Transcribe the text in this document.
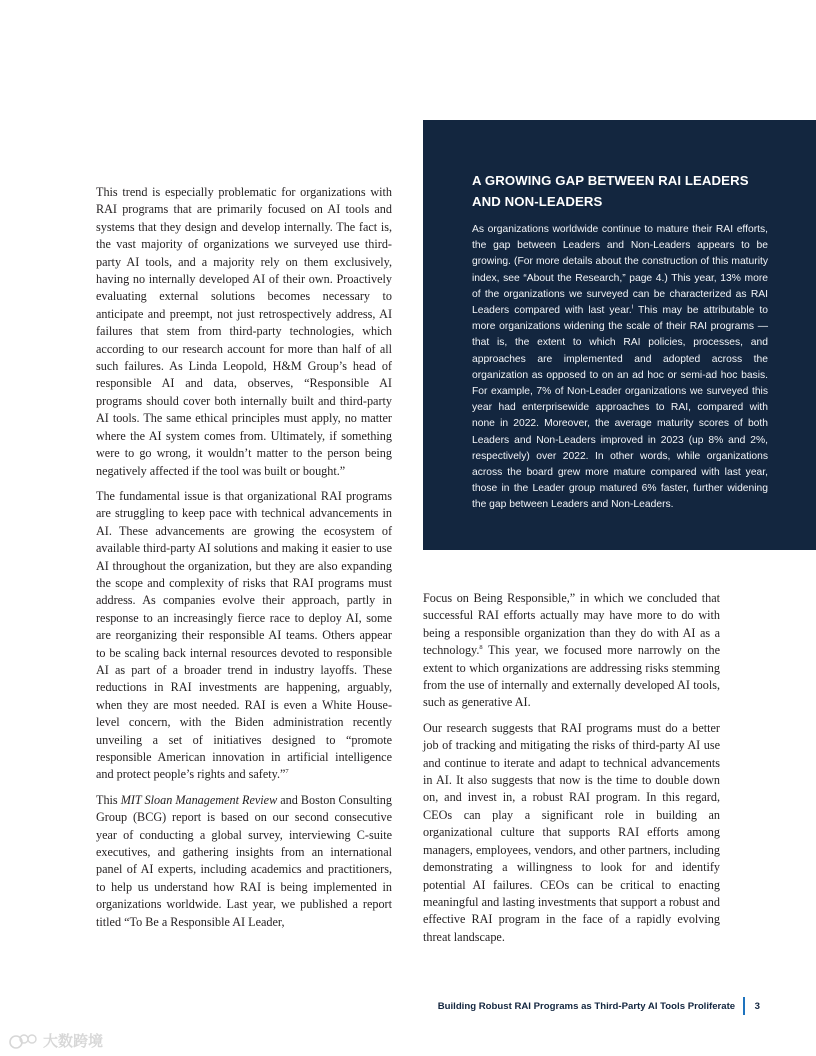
This trend is especially problematic for organizations with RAI programs that are primarily focused on AI tools and systems that they design and develop internally. The fact is, the vast majority of organizations we surveyed use third-party AI tools, and a majority rely on them exclusively, having no internally developed AI of their own. Proactively evaluating external solutions becomes necessary to anticipate and preempt, not just retrospectively address, AI failures that stem from third-party technologies, which according to our research account for more than half of all such failures. As Linda Leopold, H&M Group’s head of responsible AI and data, observes, “Responsible AI programs should cover both internally built and third-party AI tools. The same ethical principles must apply, no matter where the AI system comes from. Ultimately, if something were to go wrong, it wouldn’t matter to the person being negatively affected if the tool was built or bought.”

The fundamental issue is that organizational RAI programs are struggling to keep pace with technical advancements in AI. These advancements are growing the ecosystem of available third-party AI solutions and making it easier to use AI throughout the organization, but they are also expanding the scope and complexity of risks that RAI programs must address. As companies evolve their approach, partly in response to an increasingly fierce race to deploy AI, some are reorganizing their responsible AI teams. Others appear to be scaling back internal resources devoted to responsible AI as part of a broader trend in industry layoffs. These reductions in RAI investments are happening, arguably, when they are most needed. RAI is even a White House-level concern, with the Biden administration recently unveiling a set of initiatives designed to “promote responsible American innovation in artificial intelligence and protect people’s rights and safety.”$^7$

This MIT Sloan Management Review and Boston Consulting Group (BCG) report is based on our second consecutive year of conducting a global survey, interviewing C-suite executives, and gathering insights from an international panel of AI experts, including academics and practitioners, to help us understand how RAI is being implemented in organizations worldwide. Last year, we published a report titled “To Be a Responsible AI Leader,

A GROWING GAP BETWEEN RAI LEADERS AND NON-LEADERS

As organizations worldwide continue to mature their RAI efforts, the gap between Leaders and Non-Leaders appears to be growing. (For more details about the construction of this maturity index, see “About the Research,” page 4.) This year, 13% more of the organizations we surveyed can be characterized as RAI Leaders compared with last year.$^i$ This may be attributable to more organizations widening the scale of their RAI programs — that is, the extent to which RAI policies, processes, and approaches are implemented and adopted across the organization as opposed to on an ad hoc or semi-ad hoc basis. For example, 7% of Non-Leader organizations we surveyed this year had enterprisewide approaches to RAI, compared with none in 2022. Moreover, the average maturity scores of both Leaders and Non-Leaders improved in 2023 (up 8% and 2%, respectively) over 2022. In other words, while organizations across the board grew more mature compared with last year, those in the Leader group matured 6% faster, further widening the gap between Leaders and Non-Leaders.

Focus on Being Responsible,” in which we concluded that successful RAI efforts actually may have more to do with being a responsible organization than they do with AI as a technology.$^8$ This year, we focused more narrowly on the extent to which organizations are addressing risks stemming from the use of internally and externally developed AI tools, such as generative AI.

Our research suggests that RAI programs must do a better job of tracking and mitigating the risks of third-party AI use and continue to iterate and adapt to technical advancements in AI. It also suggests that now is the time to double down on, and invest in, a robust RAI program. In this regard, CEOs can play a significant role in building an organizational culture that supports RAI efforts among managers, employees, vendors, and other partners, including demonstrating a willingness to look for and identify potential AI failures. CEOs can be critical to enacting meaningful and lasting investments that support a robust and effective RAI program in the face of a rapidly evolving threat landscape.

Building Robust RAI Programs as Third-Party AI Tools Proliferate 3
大数跨境
